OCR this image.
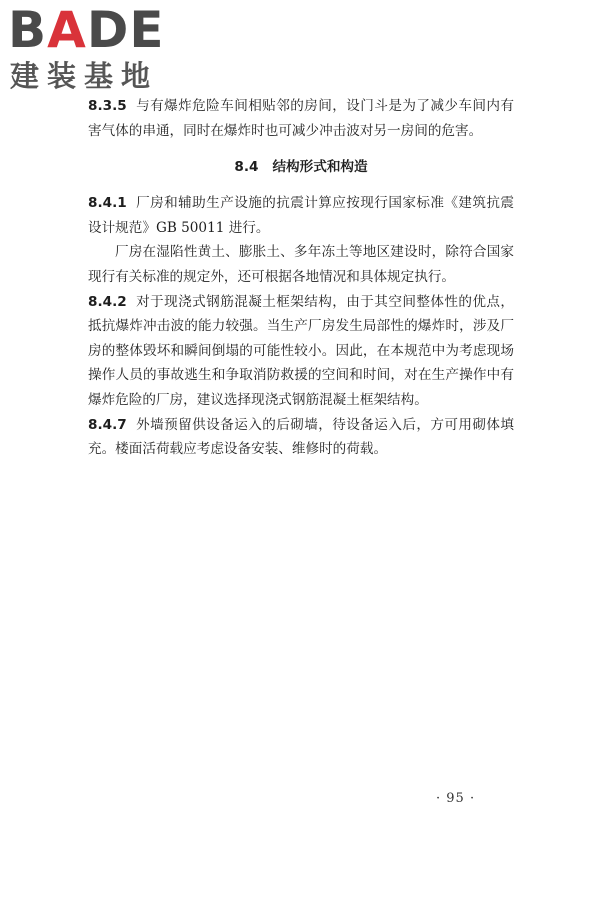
BADE
建装基地

8.3.5 与有爆炸危险车间相贴邻的房间，设门斗是为了减少车间内有害气体的串通，同时在爆炸时也可减少冲击波对另一房间的危害。

8.4 结构形式和构造

8.4.1 厂房和辅助生产设施的抗震计算应按现行国家标准《建筑抗震设计规范》GB 50011 进行。

厂房在湿陷性黄土、膨胀土、多年冻土等地区建设时，除符合国家现行有关标准的规定外，还可根据各地情况和具体规定执行。

8.4.2 对于现浇式钢筋混凝土框架结构，由于其空间整体性的优点，抵抗爆炸冲击波的能力较强。当生产厂房发生局部性的爆炸时，涉及厂房的整体毁坏和瞬间倒塌的可能性较小。因此，在本规范中为考虑现场操作人员的事故逃生和争取消防救援的空间和时间，对在生产操作中有爆炸危险的厂房，建议选择现浇式钢筋混凝土框架结构。

8.4.7 外墙预留供设备运入的后砌墙，待设备运入后，方可用砌体填充。楼面活荷载应考虑设备安装、维修时的荷载。

· 95 ·
